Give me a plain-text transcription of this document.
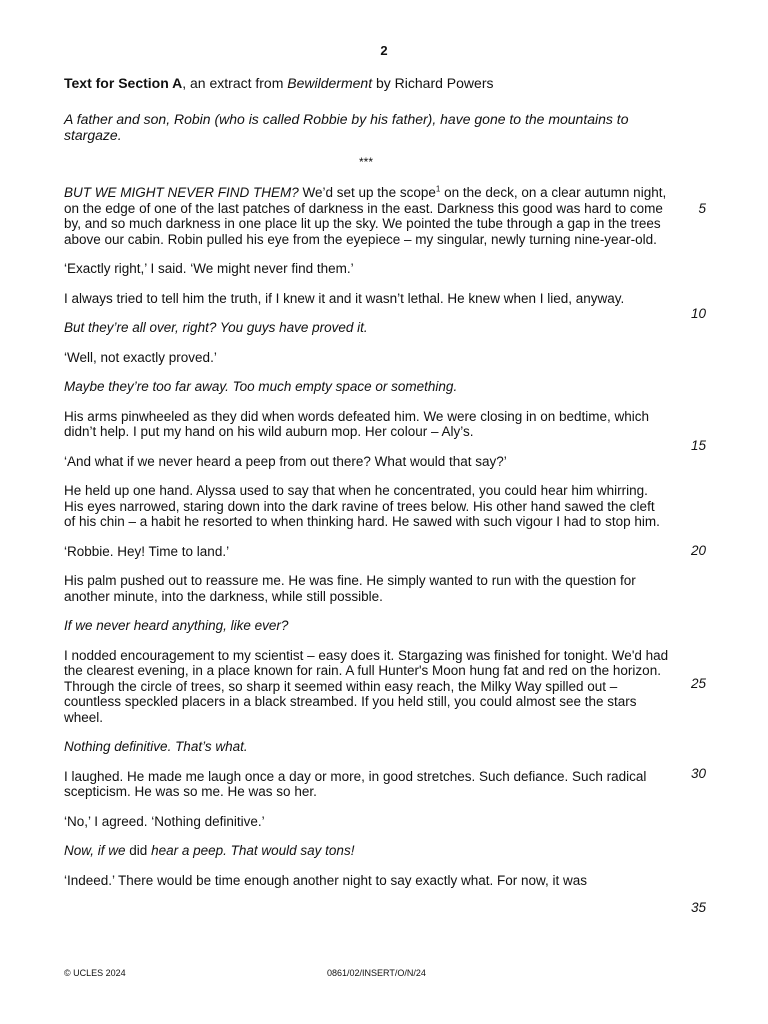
2
Text for Section A, an extract from Bewilderment by Richard Powers
A father and son, Robin (who is called Robbie by his father), have gone to the mountains to stargaze.
***

BUT WE MIGHT NEVER FIND THEM? We’d set up the scope$^1$ on the deck, on a clear autumn night, on the edge of one of the last patches of darkness in the east. Darkness this good was hard to come by, and so much darkness in one place lit up the sky. We pointed the tube through a gap in the trees above our cabin. Robin pulled his eye from the eyepiece – my singular, newly turning nine-year-old.

‘Exactly right,’ I said. ‘We might never find them.’

I always tried to tell him the truth, if I knew it and it wasn’t lethal. He knew when I lied, anyway.

But they’re all over, right? You guys have proved it.

‘Well, not exactly proved.’

Maybe they’re too far away. Too much empty space or something.

His arms pinwheeled as they did when words defeated him. We were closing in on bedtime, which didn’t help. I put my hand on his wild auburn mop. Her colour – Aly’s.

‘And what if we never heard a peep from out there? What would that say?’

He held up one hand. Alyssa used to say that when he concentrated, you could hear him whirring. His eyes narrowed, staring down into the dark ravine of trees below. His other hand sawed the cleft of his chin – a habit he resorted to when thinking hard. He sawed with such vigour I had to stop him.

‘Robbie. Hey! Time to land.’

His palm pushed out to reassure me. He was fine. He simply wanted to run with the question for another minute, into the darkness, while still possible.

If we never heard anything, like ever?

I nodded encouragement to my scientist – easy does it. Stargazing was finished for tonight. We'd had the clearest evening, in a place known for rain. A full Hunter's Moon hung fat and red on the horizon. Through the circle of trees, so sharp it seemed within easy reach, the Milky Way spilled out – countless speckled placers in a black streambed. If you held still, you could almost see the stars wheel.

Nothing definitive. That’s what.

I laughed. He made me laugh once a day or more, in good stretches. Such defiance. Such radical scepticism. He was so me. He was so her.

‘No,’ I agreed. ‘Nothing definitive.’

Now, if we did hear a peep. That would say tons!

‘Indeed.’ There would be time enough another night to say exactly what. For now, it was

5
10
15
20
25
30
35
© UCLES 2024	0861/02/INSERT/O/N/24
